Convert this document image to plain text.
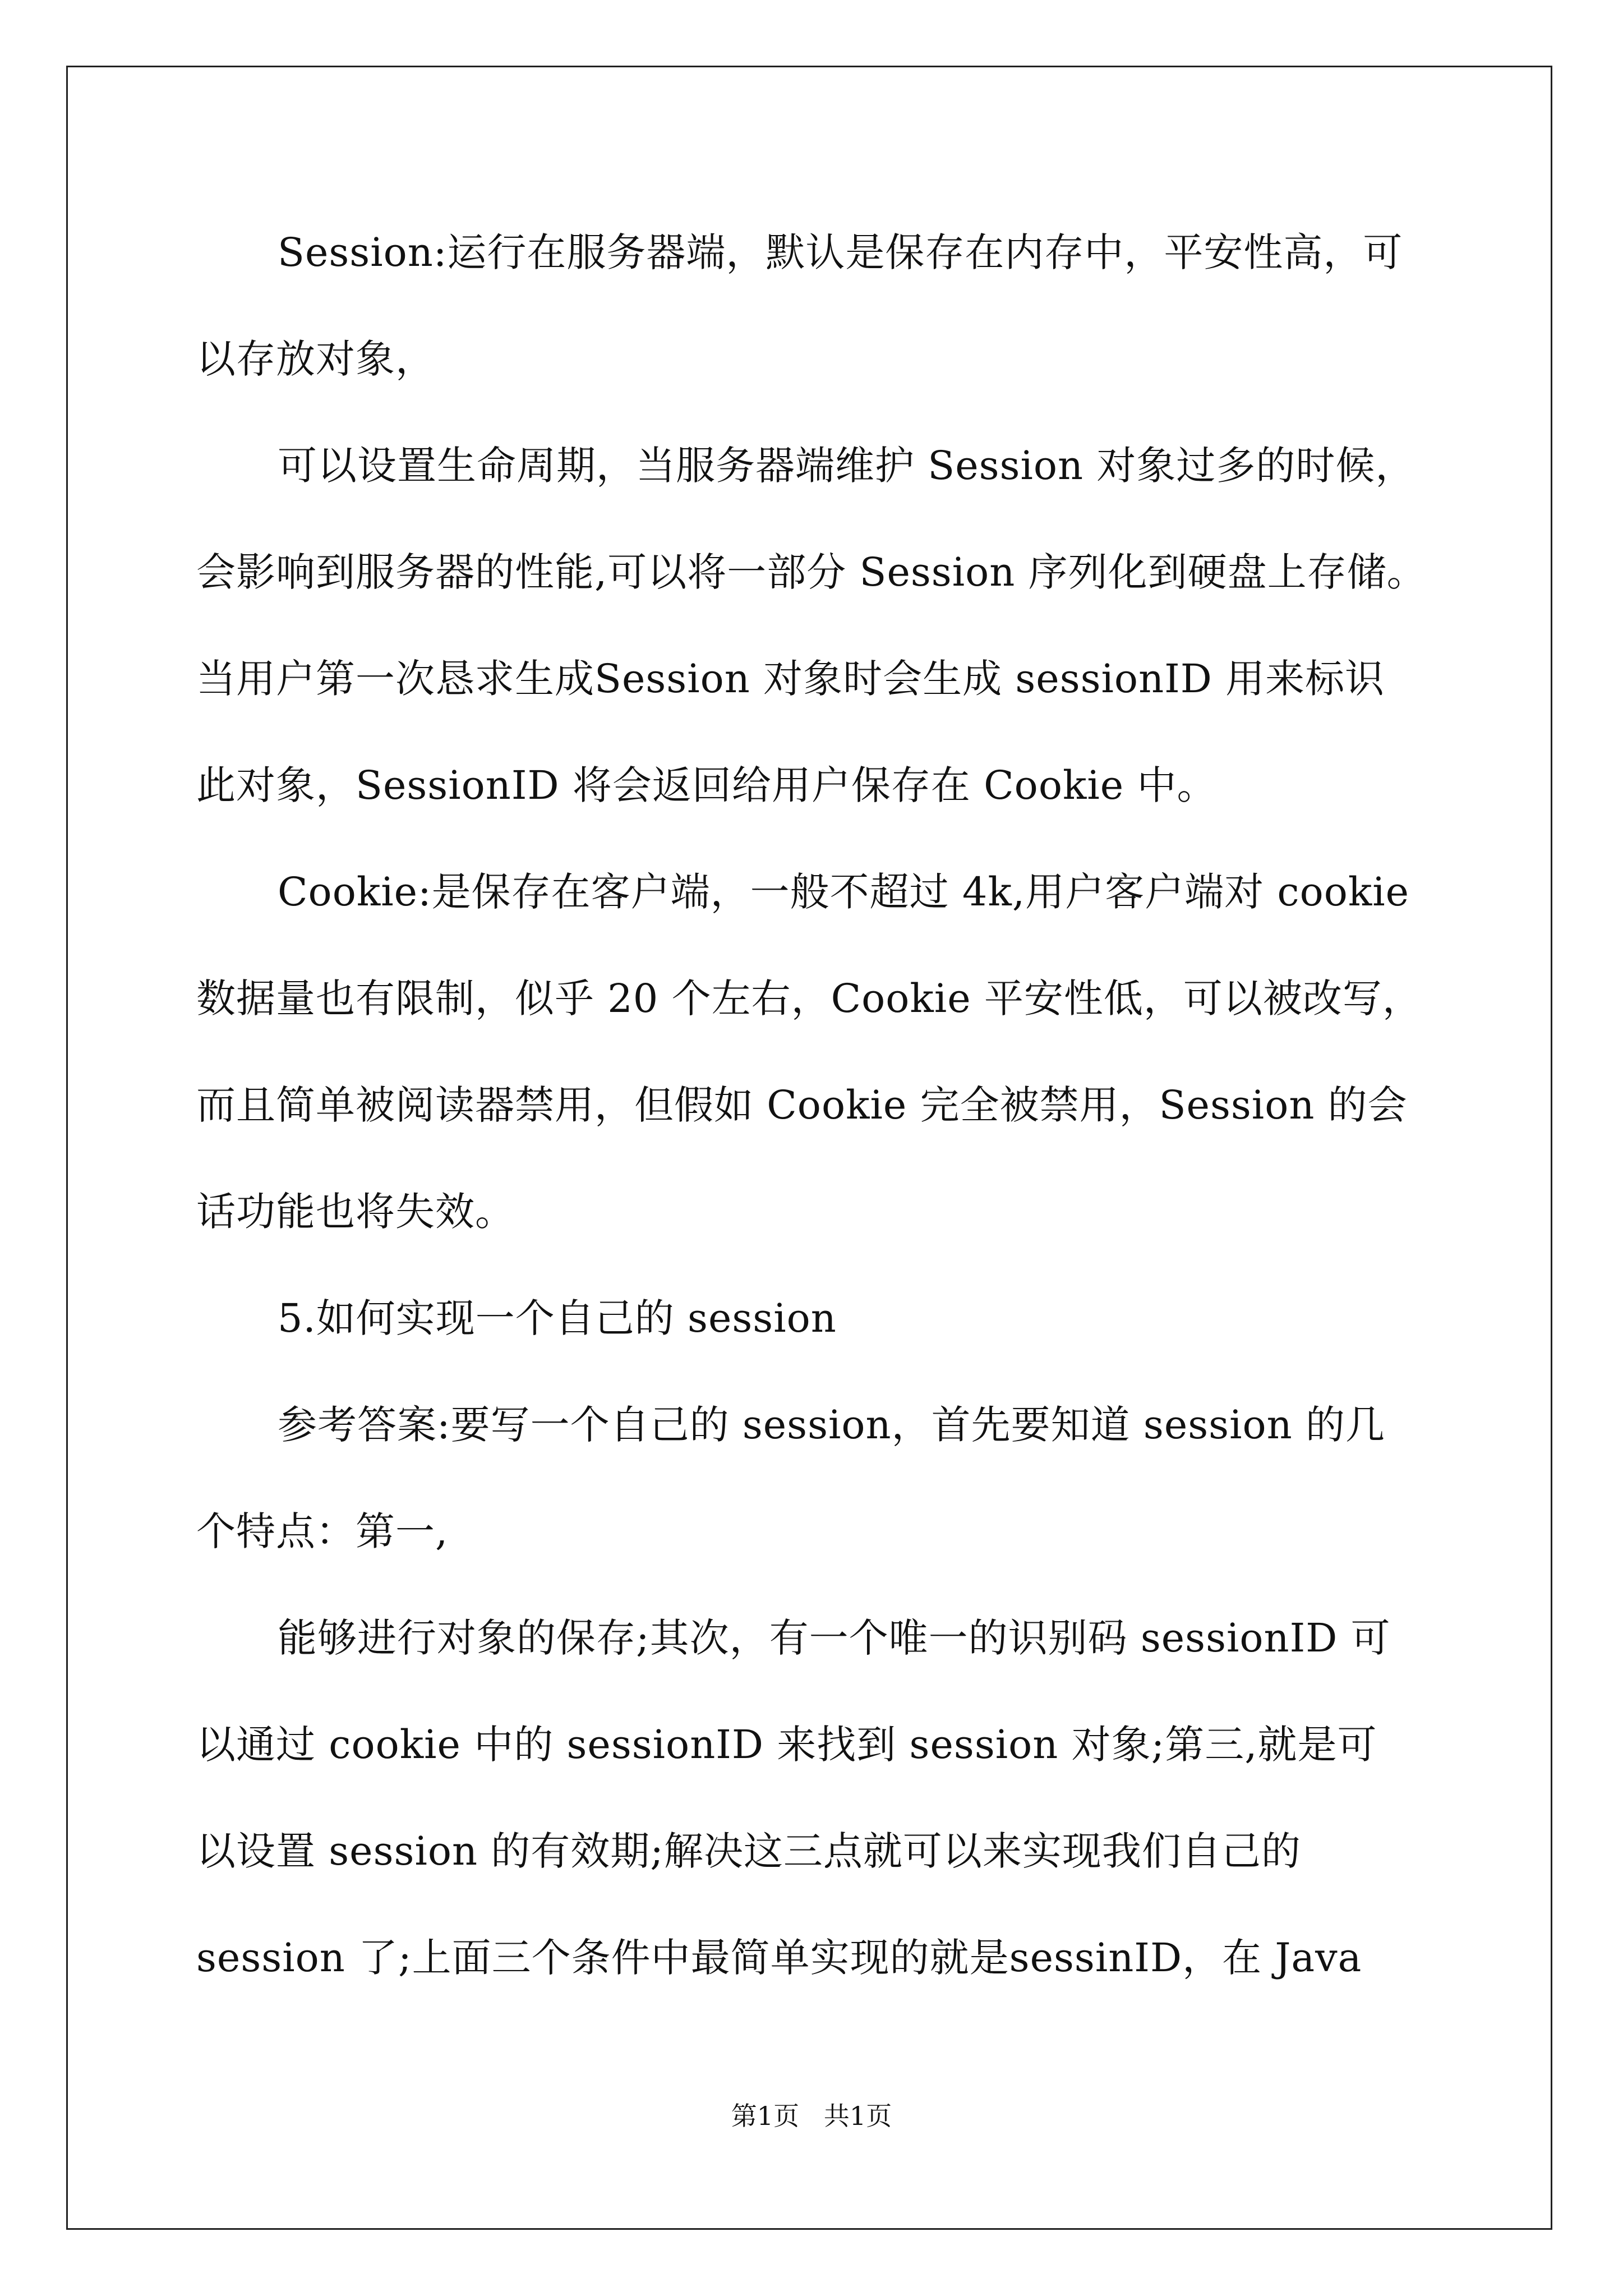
Session:运行在服务器端，默认是保存在内存中，平安性高，可
以存放对象，
可以设置生命周期，当服务器端维护 Session 对象过多的时候，
会影响到服务器的性能,可以将一部分 Session 序列化到硬盘上存储。
当用户第一次恳求生成Session 对象时会生成 sessionID 用来标识
此对象，SessionID 将会返回给用户保存在 Cookie 中。
Cookie:是保存在客户端，一般不超过 4k,用户客户端对 cookie
数据量也有限制，似乎 20 个左右，Cookie 平安性低，可以被改写，
而且简单被阅读器禁用，但假如 Cookie 完全被禁用，Session 的会
话功能也将失效。
5.如何实现一个自己的 session
参考答案:要写一个自己的 session，首先要知道 session 的几
个特点：第一,
能够进行对象的保存;其次，有一个唯一的识别码 sessionID 可
以通过 cookie 中的 sessionID 来找到 session 对象;第三,就是可
以设置 session 的有效期;解决这三点就可以来实现我们自己的
session 了;上面三个条件中最简单实现的就是sessinID，在 Java
第1页   共1页
